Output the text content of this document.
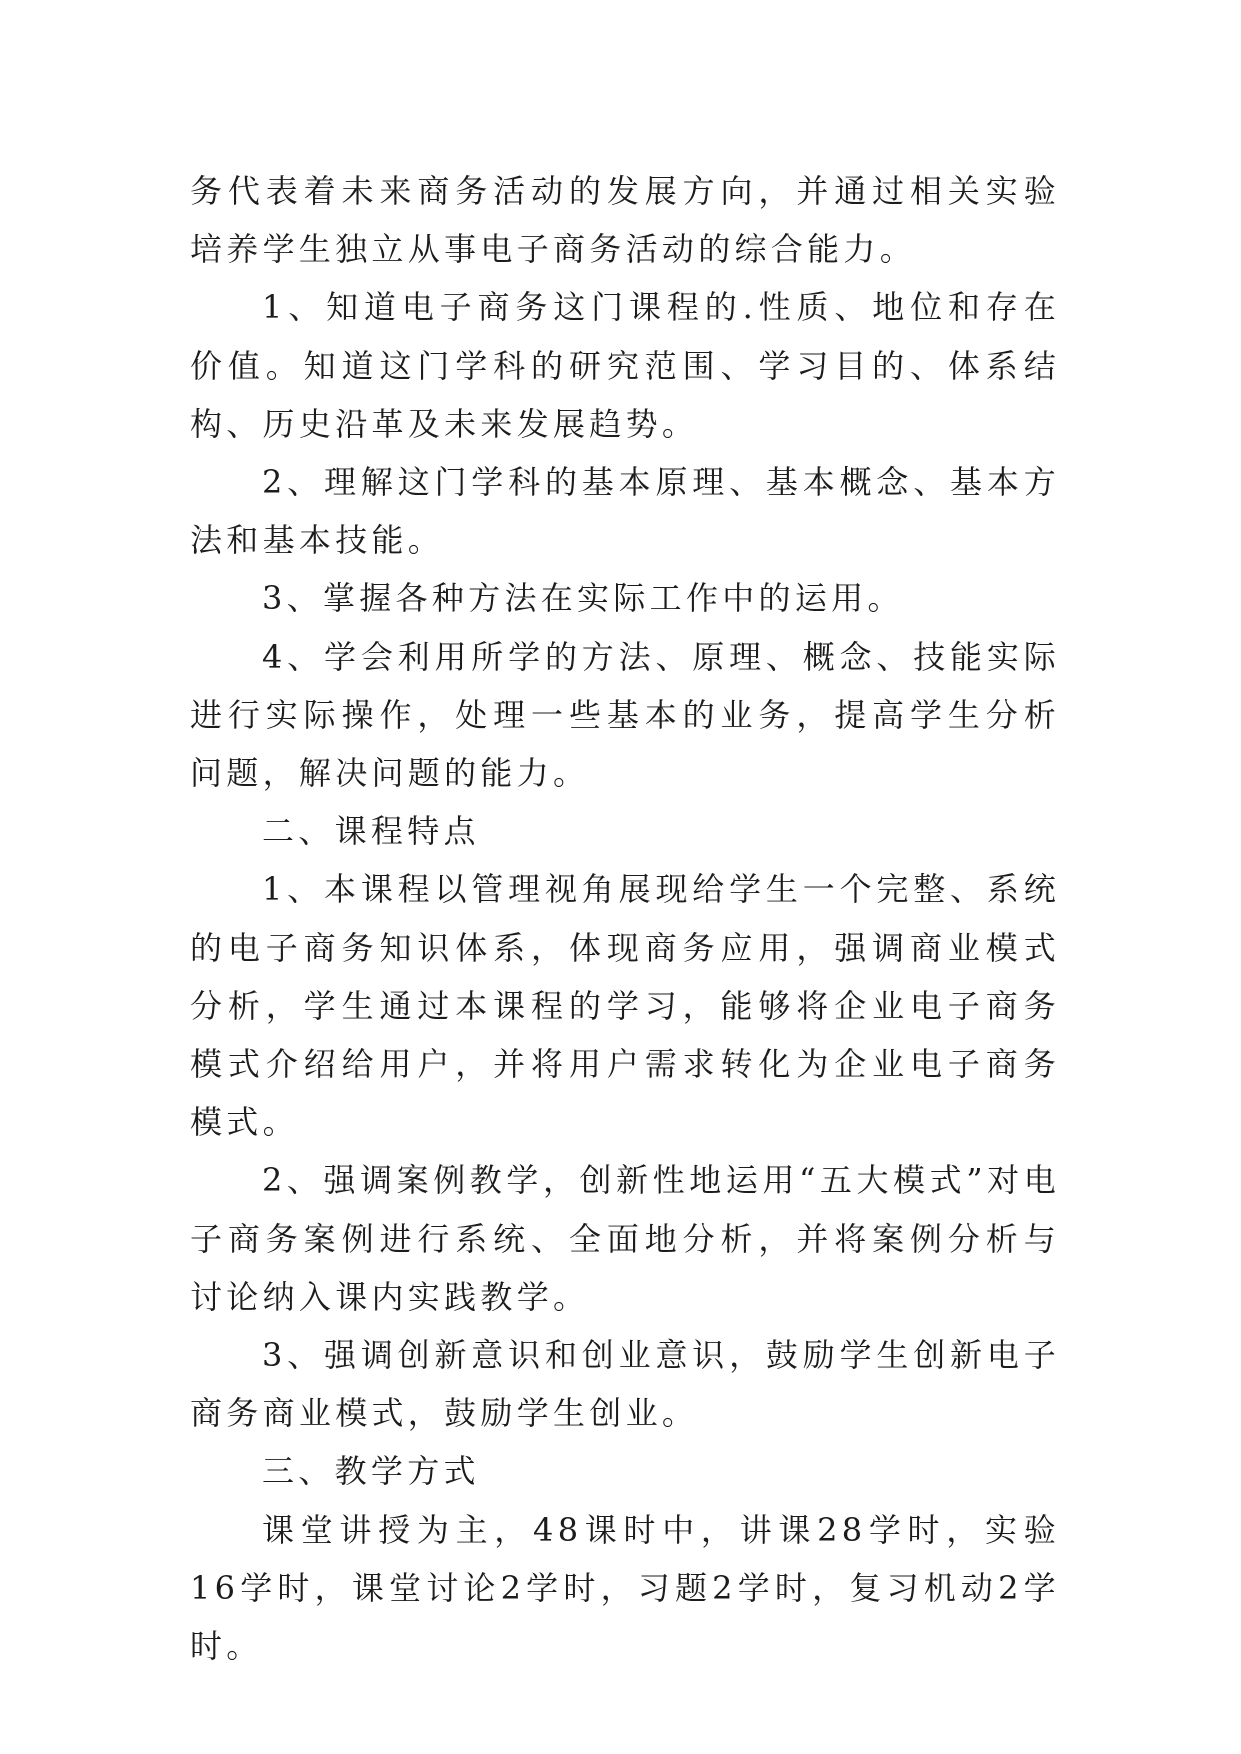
务代表着未来商务活动的发展方向，并通过相关实验培养学生独立从事电子商务活动的综合能力。

1、知道电子商务这门课程的.性质、地位和存在价值。知道这门学科的研究范围、学习目的、体系结构、历史沿革及未来发展趋势。

2、理解这门学科的基本原理、基本概念、基本方法和基本技能。

3、掌握各种方法在实际工作中的运用。

4、学会利用所学的方法、原理、概念、技能实际进行实际操作，处理一些基本的业务，提高学生分析问题，解决问题的能力。

二、课程特点

1、本课程以管理视角展现给学生一个完整、系统的电子商务知识体系，体现商务应用，强调商业模式分析，学生通过本课程的学习，能够将企业电子商务模式介绍给用户，并将用户需求转化为企业电子商务模式。

2、强调案例教学，创新性地运用“五大模式”对电子商务案例进行系统、全面地分析，并将案例分析与讨论纳入课内实践教学。

3、强调创新意识和创业意识，鼓励学生创新电子商务商业模式，鼓励学生创业。

三、教学方式

课堂讲授为主，48课时中，讲课28学时，实验16学时，课堂讨论2学时，习题2学时，复习机动2学时。
